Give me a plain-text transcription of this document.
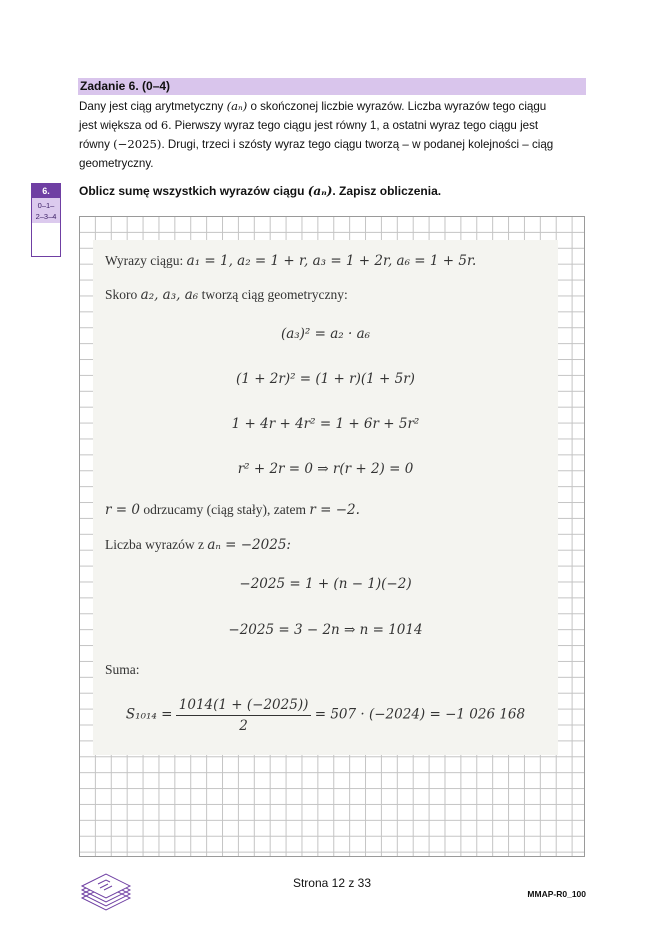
Zadanie 6. (0–4)
Dany jest ciąg arytmetyczny (aₙ) o skończonej liczbie wyrazów. Liczba wyrazów tego ciągu
jest większa od 6. Pierwszy wyraz tego ciągu jest równy 1, a ostatni wyraz tego ciągu jest
równy (−2025). Drugi, trzeci i szósty wyraz tego ciągu tworzą – w podanej kolejności – ciąg
geometryczny.
6.
0–1–
2–3–4
Oblicz sumę wszystkich wyrazów ciągu (aₙ). Zapisz obliczenia.
Wyrazy ciągu: a₁ = 1, a₂ = 1 + r, a₃ = 1 + 2r, a₆ = 1 + 5r.
Skoro a₂, a₃, a₆ tworzą ciąg geometryczny:
(a₃)² = a₂ · a₆
(1 + 2r)² = (1 + r)(1 + 5r)
1 + 4r + 4r² = 1 + 6r + 5r²
r² + 2r = 0 ⇒ r(r + 2) = 0
r = 0 odrzucamy (ciąg stały), zatem r = −2.
Liczba wyrazów z aₙ = −2025:
−2025 = 1 + (n − 1)(−2)
−2025 = 3 − 2n ⇒ n = 1014
Suma:
$S_{1014} = \frac{1014(1 + (-2025))}{2} = 507 \cdot (-2024) = -1$ 026 168
Strona 12 z 33
MMAP-R0_100
